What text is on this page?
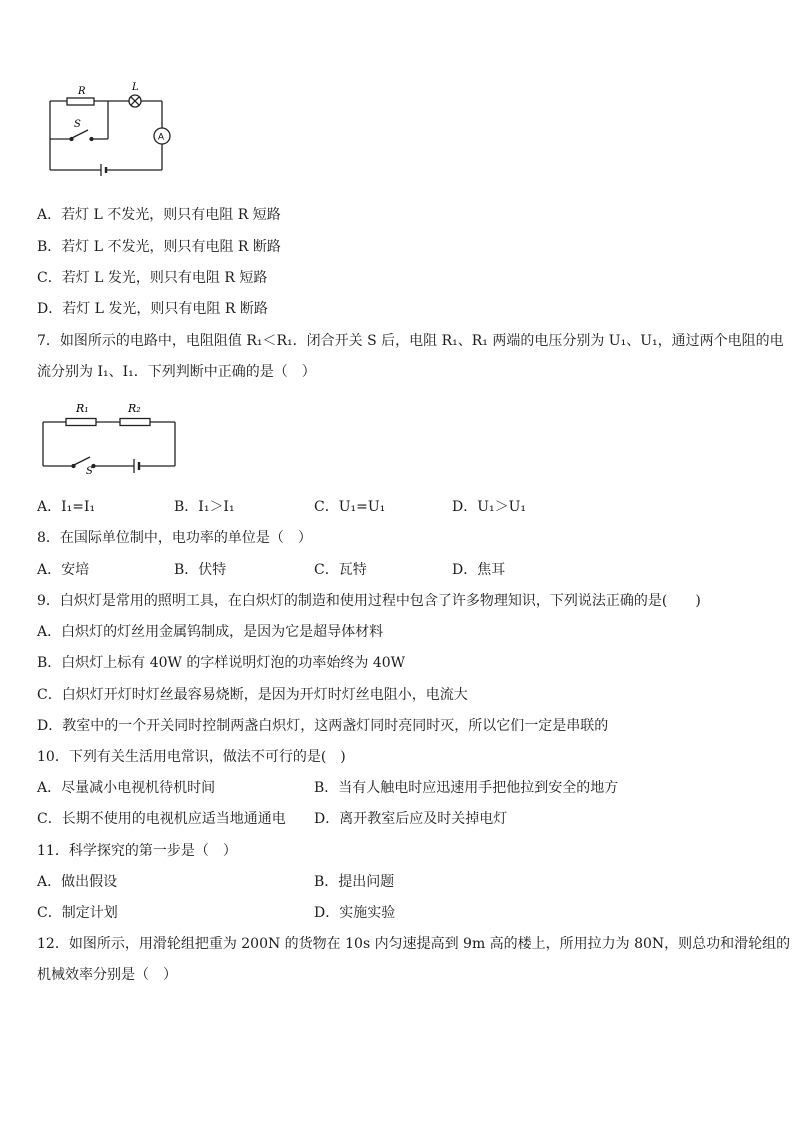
R	L
A
S
A．若灯 L 不发光，则只有电阻 R 短路
B．若灯 L 不发光，则只有电阻 R 断路
C．若灯 L 发光，则只有电阻 R 短路
D．若灯 L 发光，则只有电阻 R 断路
7．如图所示的电路中，电阻阻值 R₁＜R₁．闭合开关 S 后，电阻 R₁、R₁ 两端的电压分别为 U₁、U₁，通过两个电阻的电
流分别为 I₁、I₁．下列判断中正确的是（　）
R₁	R₂
S
A．I₁=I₁	B．I₁＞I₁	C．U₁=U₁	D．U₁＞U₁
8．在国际单位制中，电功率的单位是（　）
A．安培	B．伏特	C．瓦特	D．焦耳
9．白炽灯是常用的照明工具，在白炽灯的制造和使用过程中包含了许多物理知识，下列说法正确的是(　　)
A．白炽灯的灯丝用金属钨制成，是因为它是超导体材料
B．白炽灯上标有 40W 的字样说明灯泡的功率始终为 40W
C．白炽灯开灯时灯丝最容易烧断，是因为开灯时灯丝电阻小，电流大
D．教室中的一个开关同时控制两盏白炽灯，这两盏灯同时亮同时灭，所以它们一定是串联的
10．下列有关生活用电常识，做法不可行的是(　)
A．尽量减小电视机待机时间	B．当有人触电时应迅速用手把他拉到安全的地方
C．长期不使用的电视机应适当地通通电 D．离开教室后应及时关掉电灯
11．科学探究的第一步是（　）
A．做出假设	B．提出问题
C．制定计划	D．实施实验
12．如图所示，用滑轮组把重为 200N 的货物在 10s 内匀速提高到 9m 高的楼上，所用拉力为 80N，则总功和滑轮组的
机械效率分别是（　）
